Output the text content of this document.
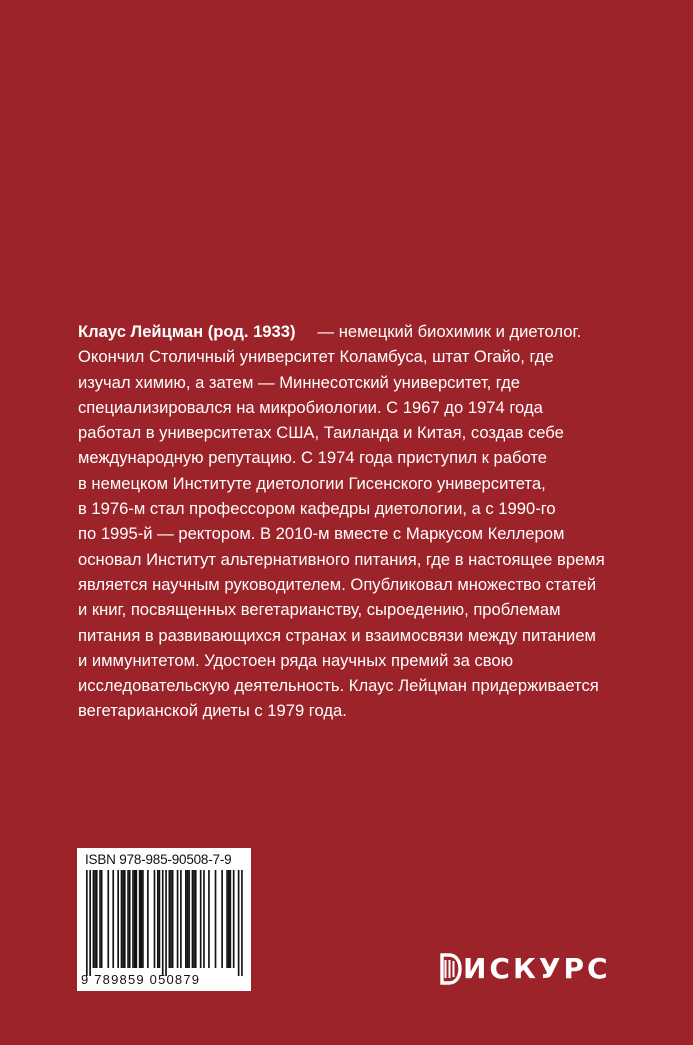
Клаус Лейцман (род. 1933) — немецкий биохимик и диетолог.
Окончил Столичный университет Коламбуса, штат Огайо, где
изучал химию, а затем — Миннесотский университет, где
специализировался на микробиологии. С 1967 до 1974 года
работал в университетах США, Таиланда и Китая, создав себе
международную репутацию. С 1974 года приступил к работе
в немецком Институте диетологии Гисенского университета,
в 1976-м стал профессором кафедры диетологии, а с 1990-го
по 1995-й — ректором. В 2010-м вместе с Маркусом Келлером
основал Институт альтернативного питания, где в настоящее время
является научным руководителем. Опубликовал множество статей
и книг, посвященных вегетарианству, сыроедению, проблемам
питания в развивающихся странах и взаимосвязи между питанием
и иммунитетом. Удостоен ряда научных премий за свою
исследовательскую деятельность. Клаус Лейцман придерживается
вегетарианской диеты с 1979 года.
ISBN 978-985-90508-7-9
9 789859 050879	ИСКУРС
